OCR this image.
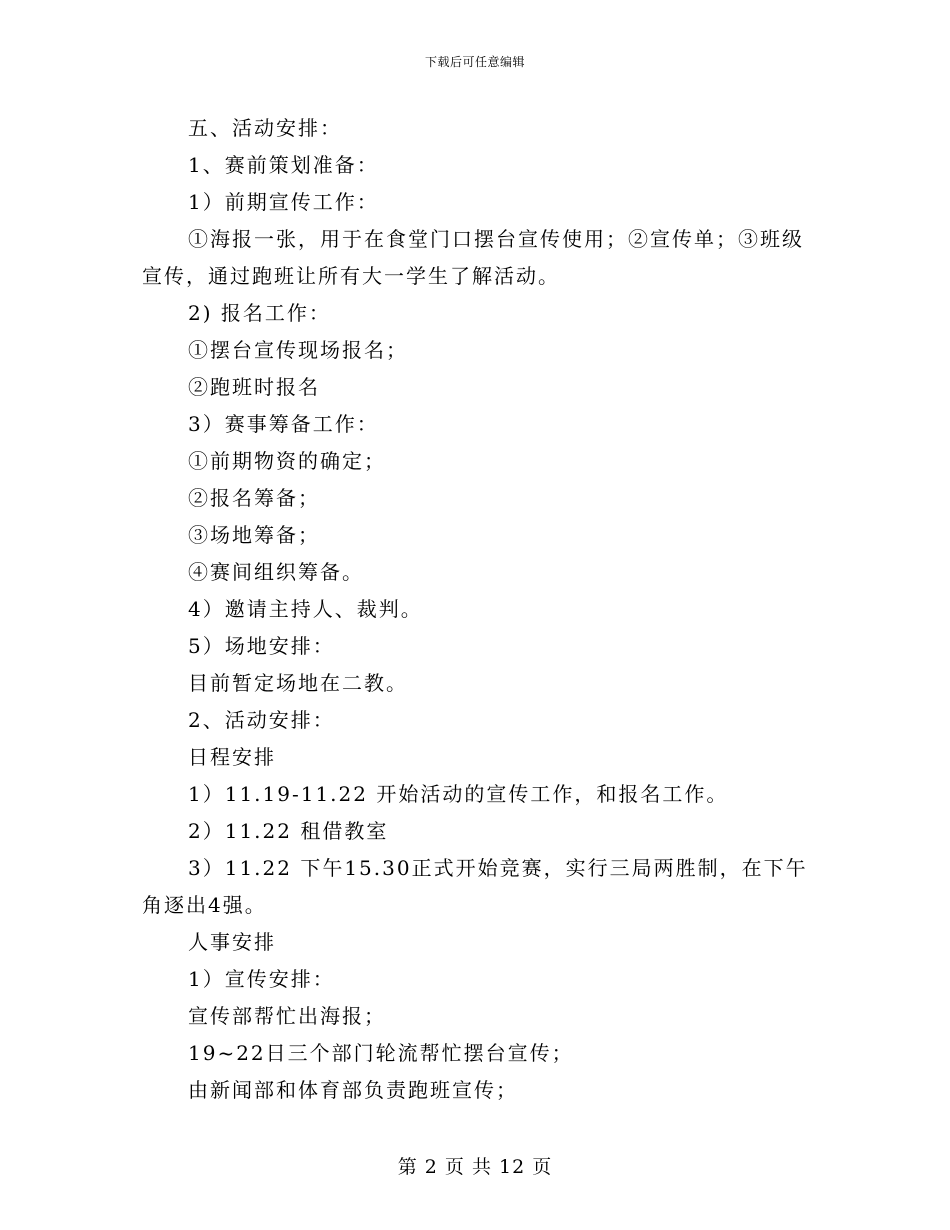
下载后可任意编辑

五、活动安排：

1、赛前策划准备：

1）前期宣传工作：

①海报一张，用于在食堂门口摆台宣传使用；②宣传单；③班级宣传，通过跑班让所有大一学生了解活动。

2) 报名工作：

①摆台宣传现场报名；

②跑班时报名

3）赛事筹备工作：

①前期物资的确定；

②报名筹备；

③场地筹备；

④赛间组织筹备。

4）邀请主持人、裁判。

5）场地安排：

目前暂定场地在二教。

2、活动安排：

日程安排

1）11.19-11.22 开始活动的宣传工作，和报名工作。

2）11.22 租借教室

3）11.22 下午15.30正式开始竞赛，实行三局两胜制，在下午角逐出4强。

人事安排

1）宣传安排：

宣传部帮忙出海报；

19~22日三个部门轮流帮忙摆台宣传；

由新闻部和体育部负责跑班宣传；

第 2 页 共 12 页
